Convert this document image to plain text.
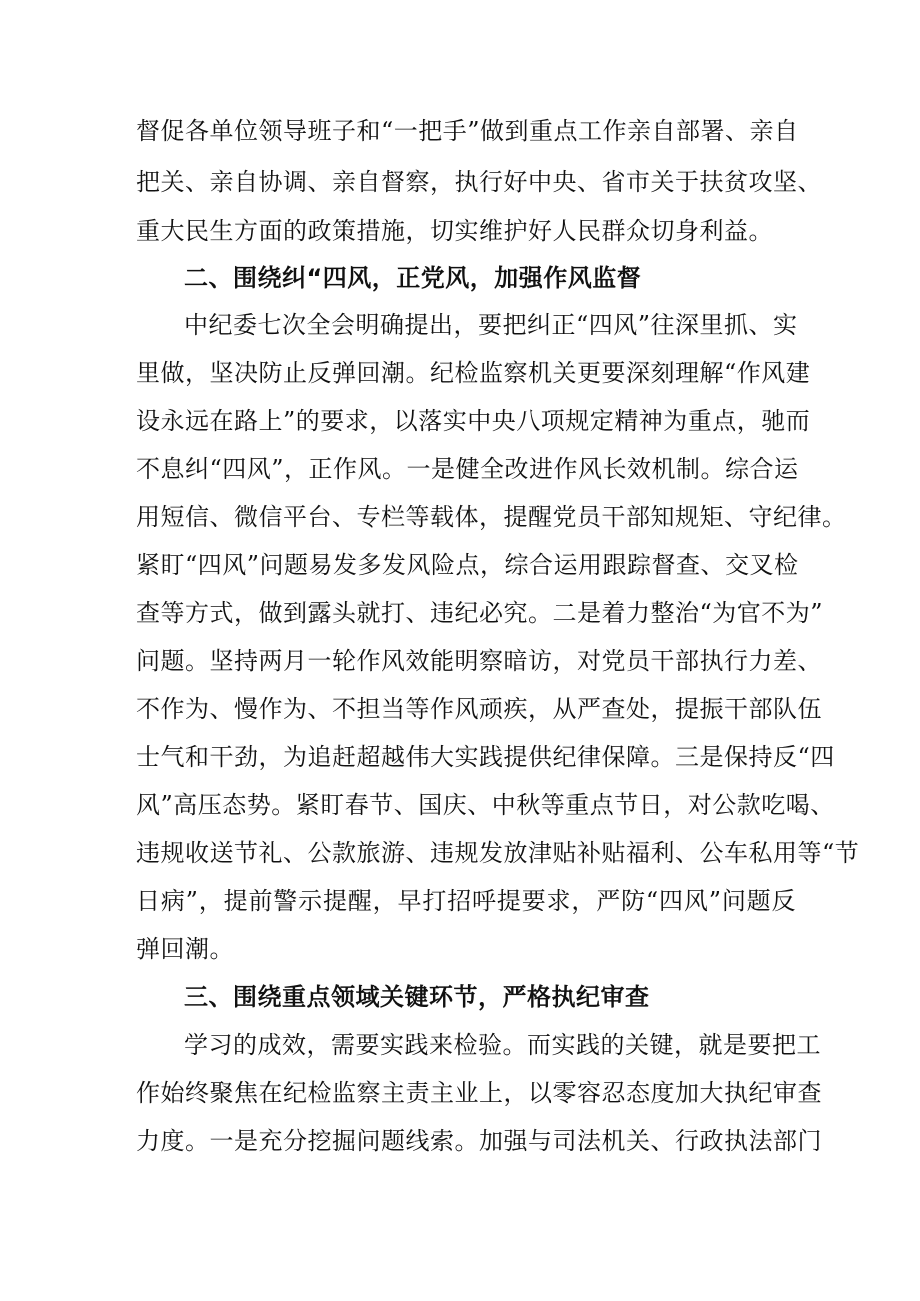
督促各单位领导班子和“一把手”做到重点工作亲自部署、亲自
把关、亲自协调、亲自督察，执行好中央、省市关于扶贫攻坚、
重大民生方面的政策措施，切实维护好人民群众切身利益。
二、围绕纠“四风，正党风，加强作风监督
中纪委七次全会明确提出，要把纠正“四风”往深里抓、实
里做，坚决防止反弹回潮。纪检监察机关更要深刻理解“作风建
设永远在路上”的要求，以落实中央八项规定精神为重点，驰而
不息纠“四风”，正作风。一是健全改进作风长效机制。综合运
用短信、微信平台、专栏等载体，提醒党员干部知规矩、守纪律。
紧盯“四风”问题易发多发风险点，综合运用跟踪督查、交叉检
查等方式，做到露头就打、违纪必究。二是着力整治“为官不为”
问题。坚持两月一轮作风效能明察暗访，对党员干部执行力差、
不作为、慢作为、不担当等作风顽疾，从严查处，提振干部队伍
士气和干劲，为追赶超越伟大实践提供纪律保障。三是保持反“四
风”高压态势。紧盯春节、国庆、中秋等重点节日，对公款吃喝、
违规收送节礼、公款旅游、违规发放津贴补贴福利、公车私用等“节
日病”，提前警示提醒，早打招呼提要求，严防“四风”问题反
弹回潮。
三、围绕重点领域关键环节，严格执纪审查
学习的成效，需要实践来检验。而实践的关键，就是要把工
作始终聚焦在纪检监察主责主业上，以零容忍态度加大执纪审查
力度。一是充分挖掘问题线索。加强与司法机关、行政执法部门
